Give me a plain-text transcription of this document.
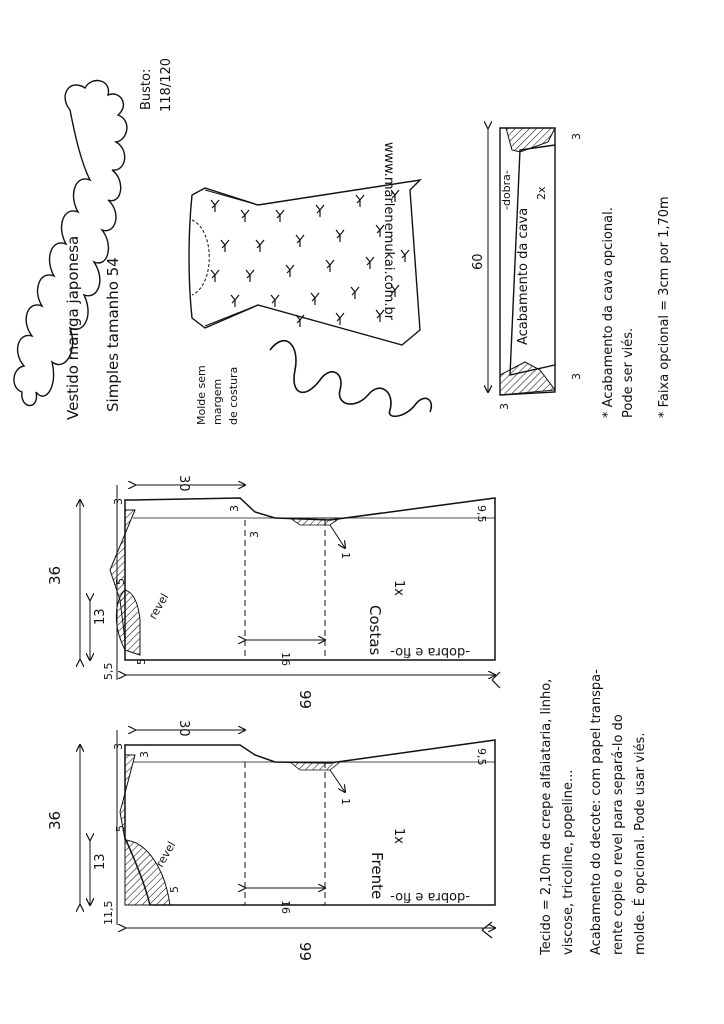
Vestido manga japonesa Simples tamanho 54
Busto: 118/120
www.marlenemukai.com.br
Molde sem margem de costura
Acabamento da cava
-dobra- 2x
60
3
3
3	* Acabamento da cava opcional. Pode ser viés. * Faixa opcional = 3cm por 1,70m
Costas
1x
-dobra e fio-
revel
30
36
99
16
13
3
3
3
5
5
9,5
5,5
1
Frente
1x
-dobra e fio-
revel
30
36
99
16
13
3
3
5
5
9,5
11,5
1	Tecido = 2,10m de crepe alfaiataria, linho, viscose, tricoline, popeline... Acabamento do decote: com papel transpa- rente copie o revel para separá-lo do molde. É opcional. Pode usar viés.
